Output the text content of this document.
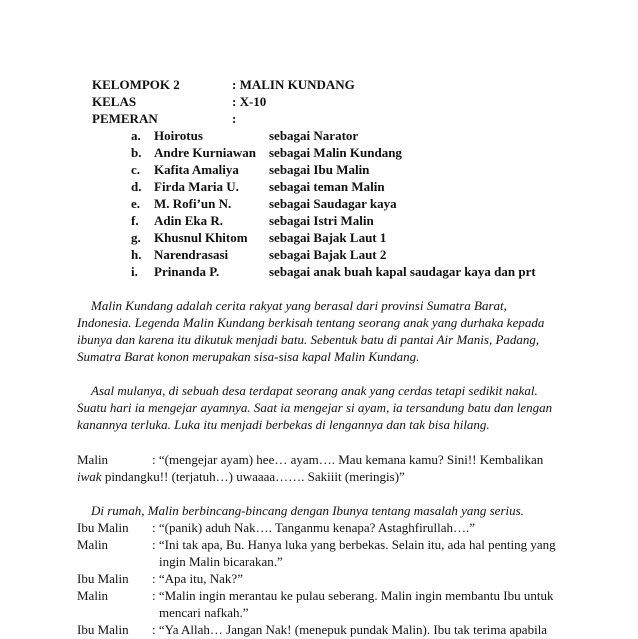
KELOMPOK 2	: MALIN KUNDANG
KELAS	: X-10
PEMERAN	:
a. Hoirotus	sebagai Narator
b. Andre Kurniawan sebagai Malin Kundang
c. Kafita Amaliya sebagai Ibu Malin
d. Firda Maria U. sebagai teman Malin
e. M. Rofi’un N.	sebagai Saudagar kaya
f. Adin Eka R.	sebagai Istri Malin
g. Khusnul Khitom sebagai Bajak Laut 1
h. Narendrasasi	sebagai Bajak Laut 2
i. Prinanda P.	sebagai anak buah kapal saudagar kaya dan prt
Malin Kundang adalah cerita rakyat yang berasal dari provinsi Sumatra Barat,
Indonesia. Legenda Malin Kundang berkisah tentang seorang anak yang durhaka kepada
ibunya dan karena itu dikutuk menjadi batu. Sebentuk batu di pantai Air Manis, Padang,
Sumatra Barat konon merupakan sisa-sisa kapal Malin Kundang.
Asal mulanya, di sebuah desa terdapat seorang anak yang cerdas tetapi sedikit nakal.
Suatu hari ia mengejar ayamnya. Saat ia mengejar si ayam, ia tersandung batu dan lengan
kanannya terluka. Luka itu menjadi berbekas di lengannya dan tak bisa hilang.
Malin	: “(mengejar ayam) hee… ayam…. Mau kemana kamu? Sini!! Kembalikan
iwak pindangku!! (terjatuh…) uwaaaa……. Sakiiit (meringis)”
Di rumah, Malin berbincang-bincang dengan Ibunya tentang masalah yang serius.
Ibu Malin : “(panik) aduh Nak…. Tanganmu kenapa? Astaghfirullah….”
Malin	: “Ini tak apa, Bu. Hanya luka yang berbekas. Selain itu, ada hal penting yang
ingin Malin bicarakan.”
Ibu Malin : “Apa itu, Nak?”
Malin	: “Malin ingin merantau ke pulau seberang. Malin ingin membantu Ibu untuk
mencari nafkah.”
Ibu Malin : “Ya Allah… Jangan Nak! (menepuk pundak Malin). Ibu tak terima apabila
